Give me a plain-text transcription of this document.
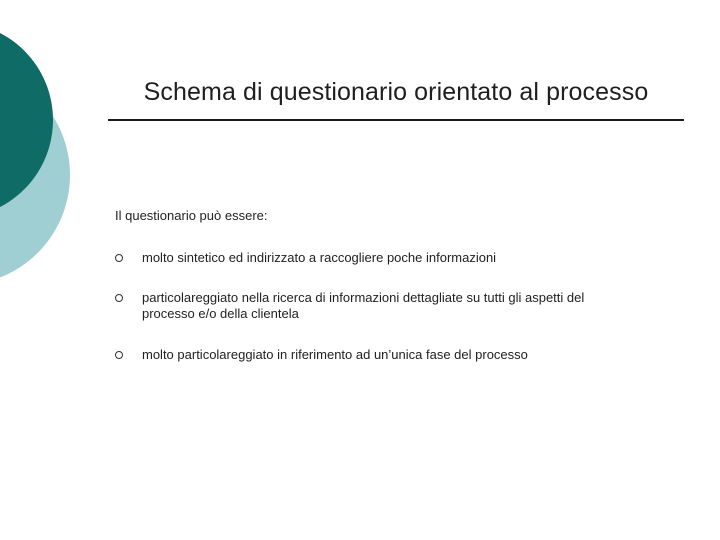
Schema di questionario orientato al processo

Il questionario può essere:

molto sintetico ed indirizzato a raccogliere poche informazioni
particolareggiato nella ricerca di informazioni dettagliate su tutti gli aspetti del processo e/o della clientela
molto particolareggiato in riferimento ad un’unica fase del processo
